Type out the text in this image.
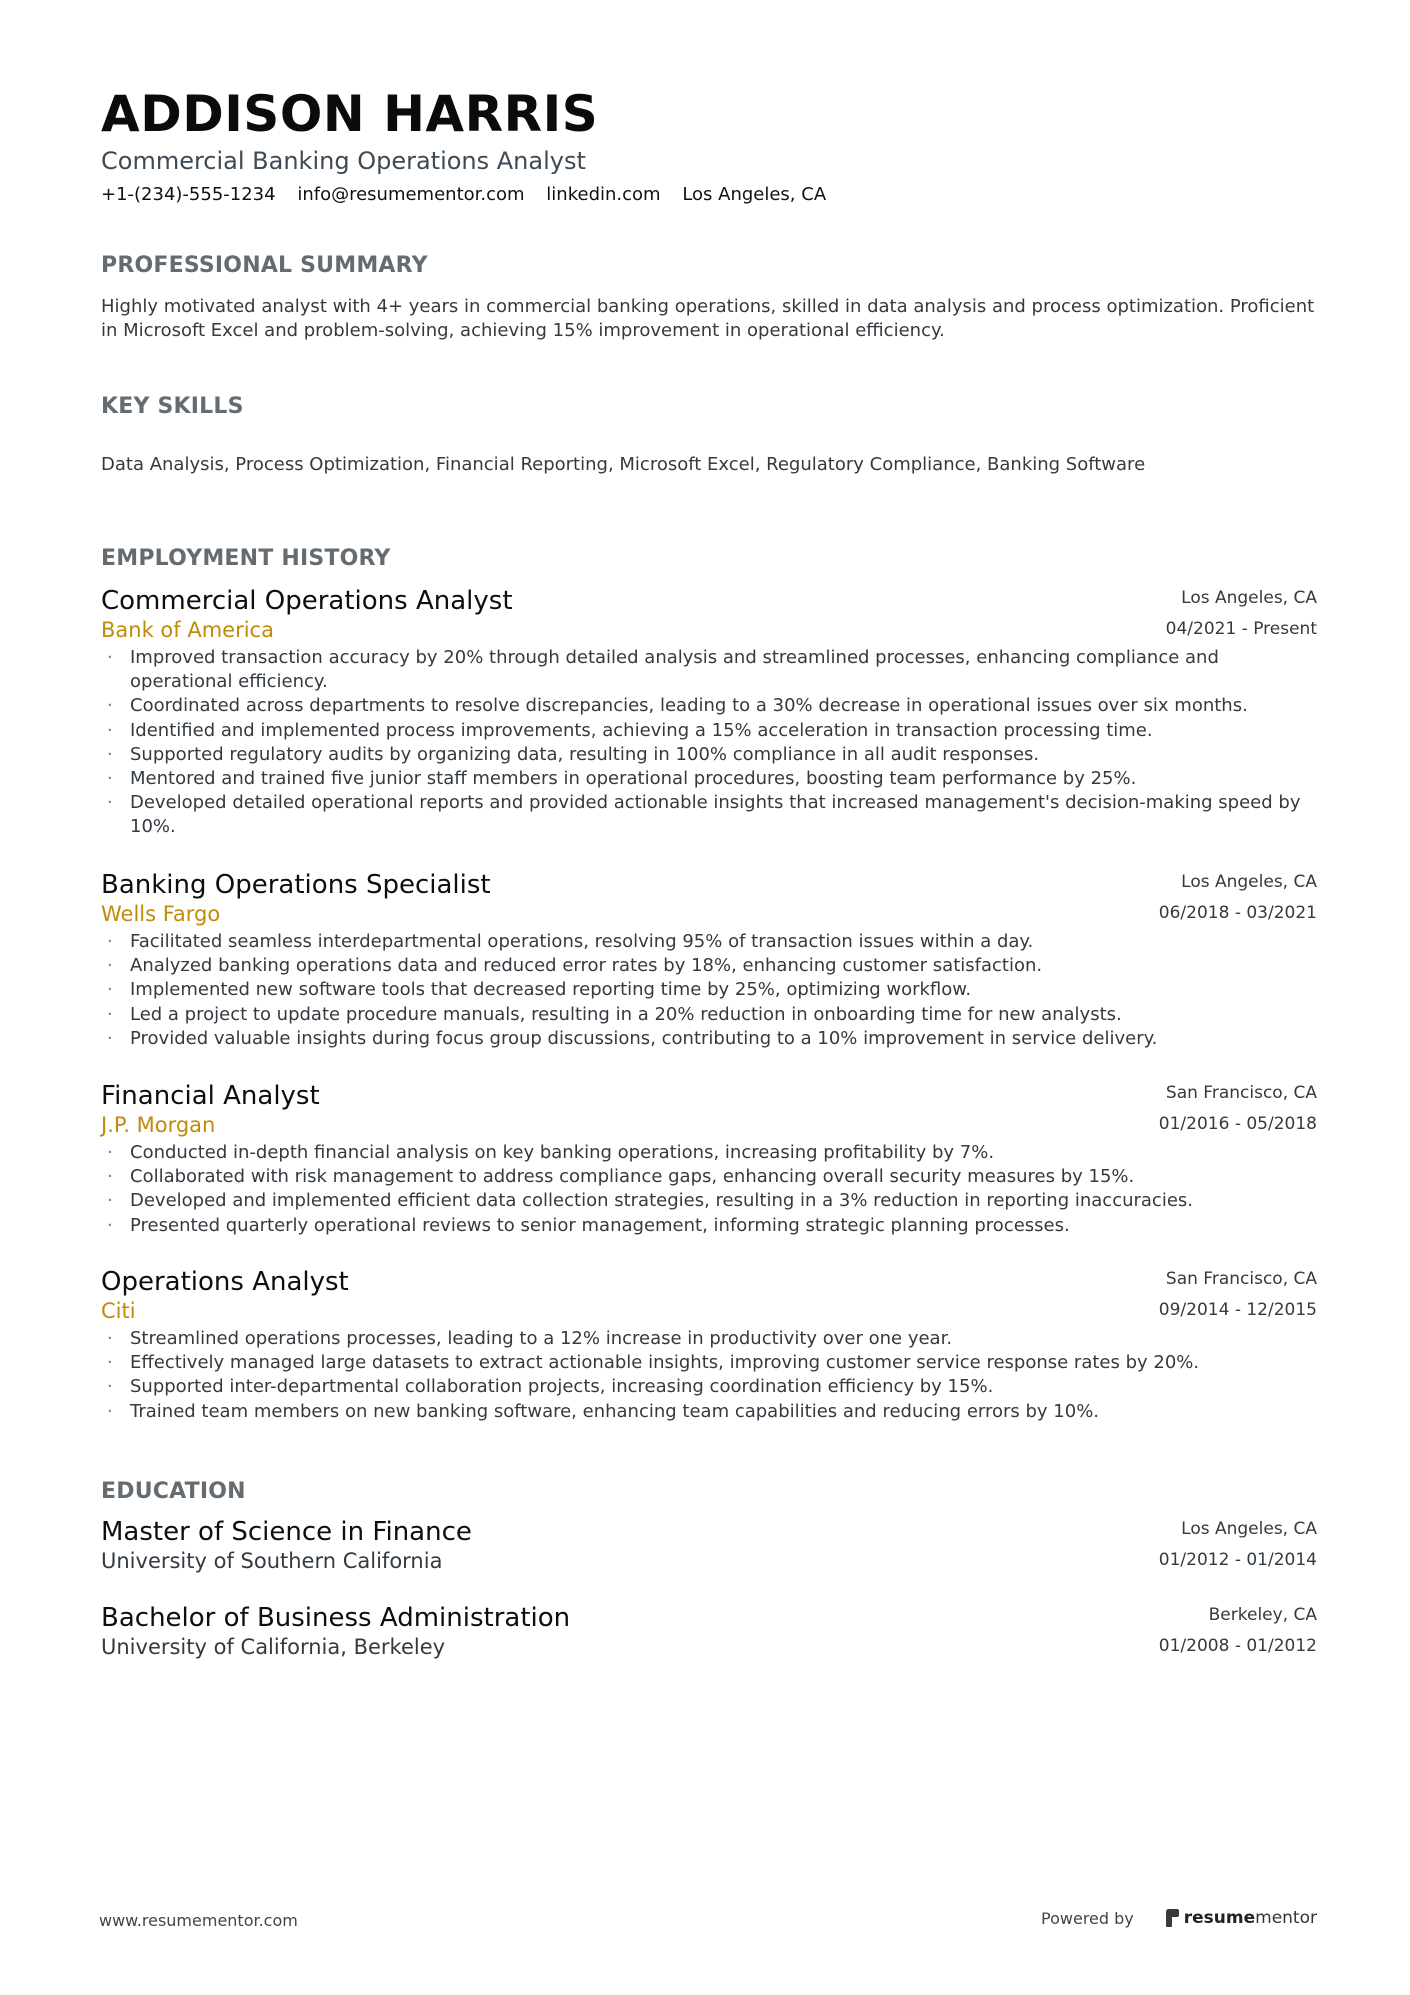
ADDISON HARRIS
Commercial Banking Operations Analyst
+1-(234)-555-1234 info@resumementor.com linkedin.com Los Angeles, CA
PROFESSIONAL SUMMARY
Highly motivated analyst with 4+ years in commercial banking operations, skilled in data analysis and process optimization. Proficient in Microsoft Excel and problem-solving, achieving 15% improvement in operational efficiency.
KEY SKILLS
Data Analysis, Process Optimization, Financial Reporting, Microsoft Excel, Regulatory Compliance, Banking Software
EMPLOYMENT HISTORY
Commercial Operations Analyst	Los Angeles, CA
Bank of America	04/2021 - Present
· Improved transaction accuracy by 20% through detailed analysis and streamlined processes, enhancing compliance and operational efficiency.
· Coordinated across departments to resolve discrepancies, leading to a 30% decrease in operational issues over six months.
· Identified and implemented process improvements, achieving a 15% acceleration in transaction processing time.
· Supported regulatory audits by organizing data, resulting in 100% compliance in all audit responses.
· Mentored and trained five junior staff members in operational procedures, boosting team performance by 25%.
· Developed detailed operational reports and provided actionable insights that increased management's decision-making speed by 10%.
Banking Operations Specialist	Los Angeles, CA
Wells Fargo	06/2018 - 03/2021
· Facilitated seamless interdepartmental operations, resolving 95% of transaction issues within a day.
· Analyzed banking operations data and reduced error rates by 18%, enhancing customer satisfaction.
· Implemented new software tools that decreased reporting time by 25%, optimizing workflow.
· Led a project to update procedure manuals, resulting in a 20% reduction in onboarding time for new analysts.
· Provided valuable insights during focus group discussions, contributing to a 10% improvement in service delivery.
Financial Analyst	San Francisco, CA
J.P. Morgan	01/2016 - 05/2018
· Conducted in-depth financial analysis on key banking operations, increasing profitability by 7%.
· Collaborated with risk management to address compliance gaps, enhancing overall security measures by 15%.
· Developed and implemented efficient data collection strategies, resulting in a 3% reduction in reporting inaccuracies.
· Presented quarterly operational reviews to senior management, informing strategic planning processes.
Operations Analyst	San Francisco, CA
Citi	09/2014 - 12/2015
· Streamlined operations processes, leading to a 12% increase in productivity over one year.
· Effectively managed large datasets to extract actionable insights, improving customer service response rates by 20%.
· Supported inter-departmental collaboration projects, increasing coordination efficiency by 15%.
· Trained team members on new banking software, enhancing team capabilities and reducing errors by 10%.
EDUCATION
Master of Science in Finance	Los Angeles, CA
University of Southern California	01/2012 - 01/2014
Bachelor of Business Administration	Berkeley, CA
University of California, Berkeley	01/2008 - 01/2012
www.resumementor.com	Powered by	resumementor
